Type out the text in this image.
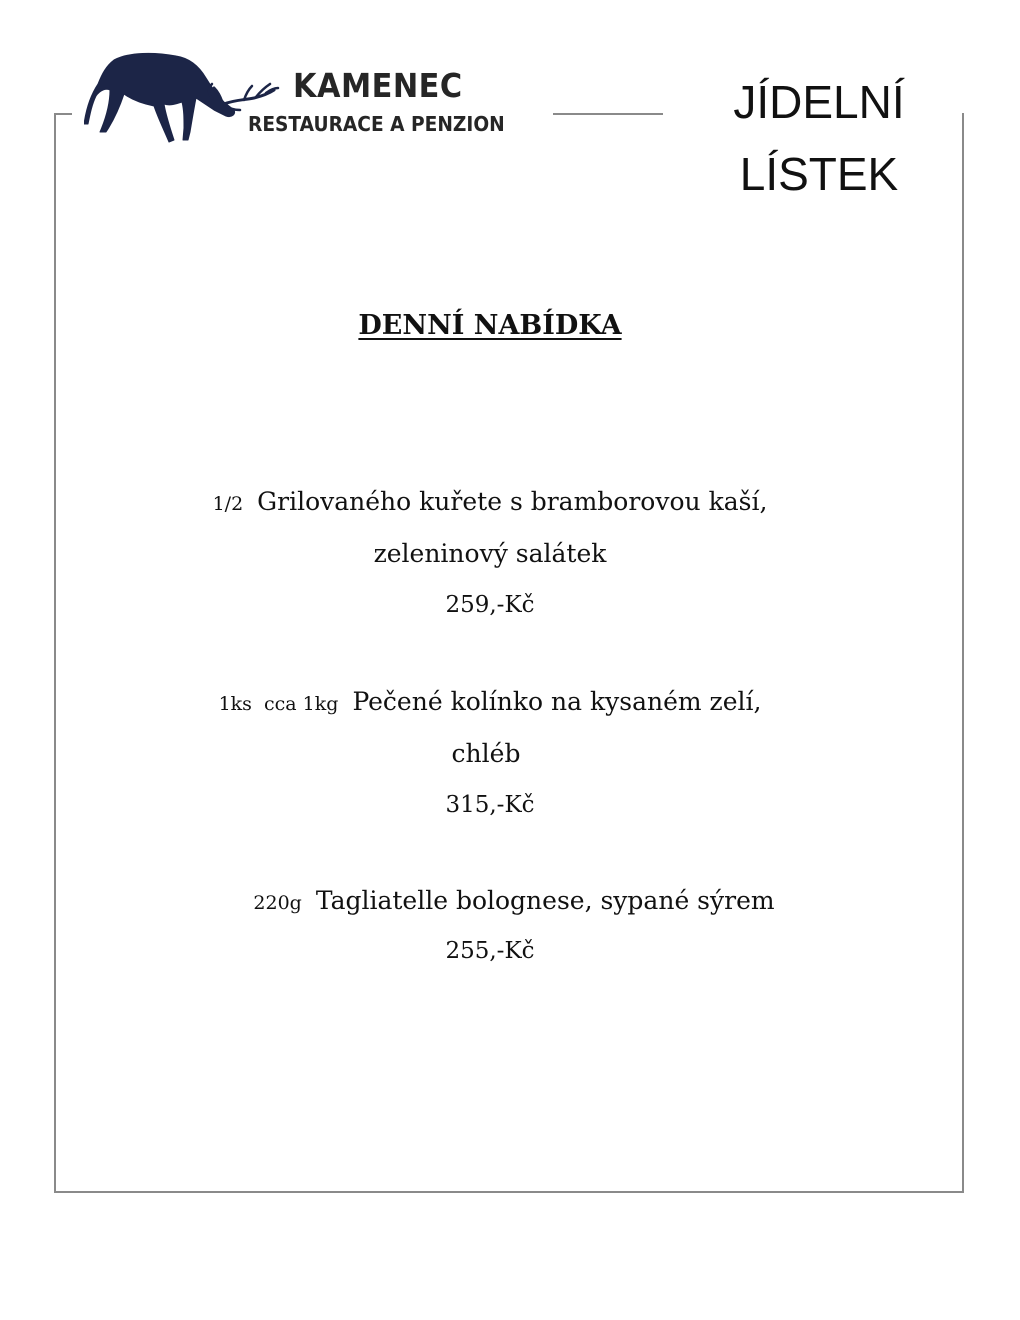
KAMENEC
RESTAURACE A PENZION	JÍDELNÍ
LÍSTEK
DENNÍ NABÍDKA
1/2 Grilovaného kuřete s bramborovou kaší,
zeleninový salátek
259,-Kč
1ks  cca 1kg Pečené kolínko na kysaném zelí,
chléb
315,-Kč
220g Tagliatelle bolognese, sypané sýrem
255,-Kč
